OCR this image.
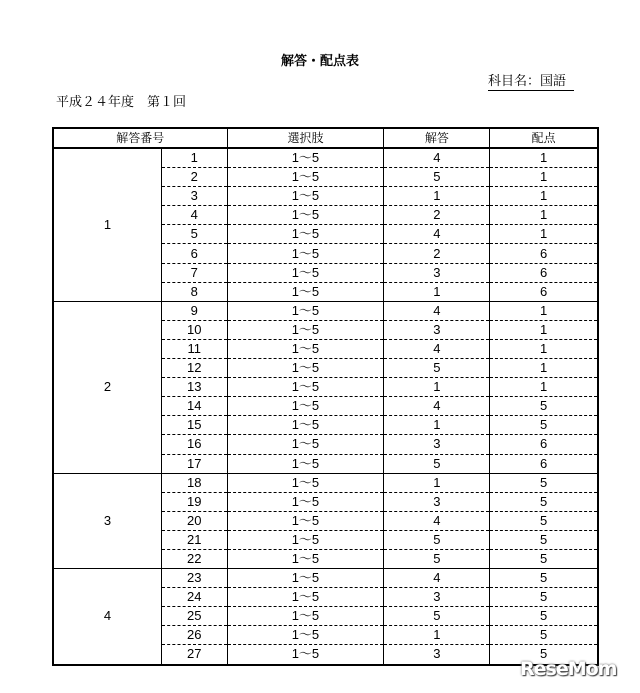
解答・配点表
科目名：国語
平成２４年度　第１回
解答番号		選択肢	解答	配点
1	1	1～5	4	1
	2	1～5	5	1
	3	1～5	1	1
	4	1～5	2	1
	5	1～5	4	1
	6	1～5	2	6
	7	1～5	3	6
	8	1～5	1	6
2	9	1～5	4	1
	10	1～5	3	1
	11	1～5	4	1
	12	1～5	5	1
	13	1～5	1	1
	14	1～5	4	5
	15	1～5	1	5
	16	1～5	3	6
	17	1～5	5	6
3	18	1～5	1	5
	19	1～5	3	5
	20	1～5	4	5
	21	1～5	5	5
	22	1～5	5	5
4	23	1～5	4	5
	24	1～5	3	5
	25	1～5	5	5
	26	1～5	1	5
	27	1～5	3	5
ReseMom
